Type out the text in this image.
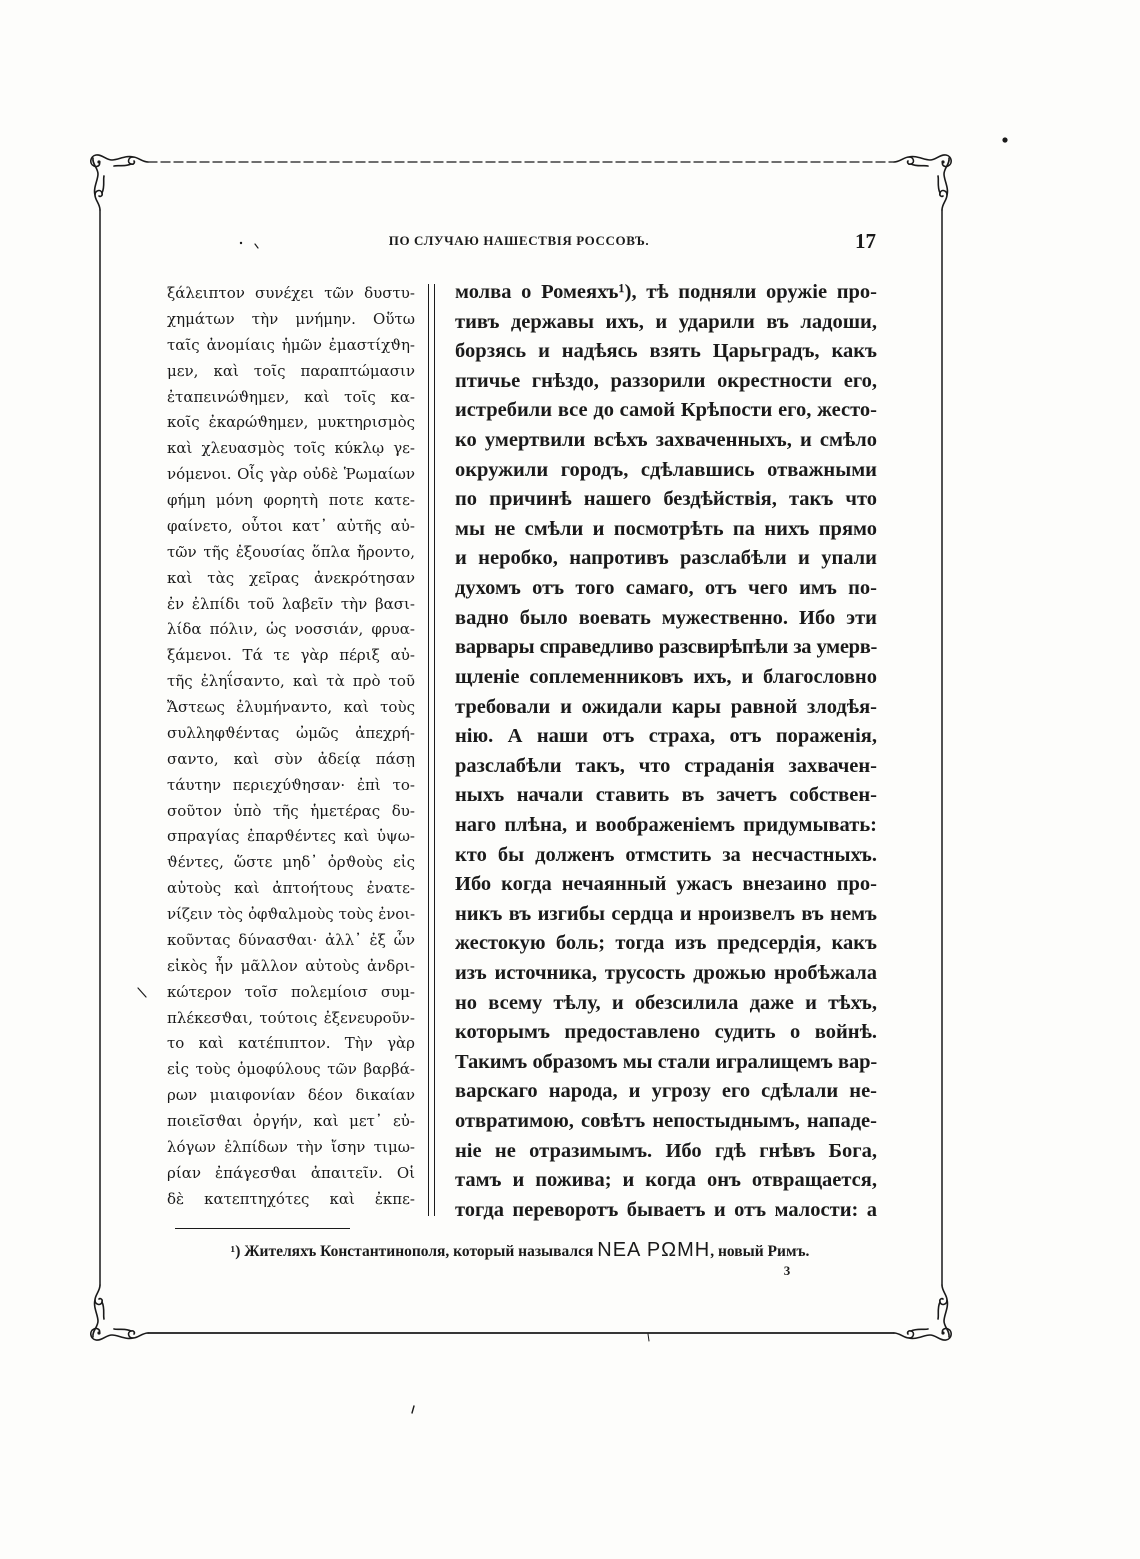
ПО СЛУЧАЮ НАШЕСТВІЯ РОССОВЪ.	17
ξάλειπτον συνέχει τῶν δυστυ-
χημάτων τὴν μνήμην. Οὕτω
ταῖς ἀνομίαις ἡμῶν ἐμαστίχϑη-
μεν, καὶ τοῖς παραπτώμασιν
ἐταπεινώϑημεν, καὶ τοῖς κα-
κοῖς ἐκαρώϑημεν, μυκτηρισμὸς
καὶ χλευασμὸς τοῖς κύκλῳ γε-
νόμενοι. Οἷς γὰρ οὐδὲ Ῥωμαίων
φήμη μόνη φορητὴ ποτε κατε-
φαίνετο, οὗτοι κατ᾽ αὐτῆς αὐ-
τῶν τῆς ἐξουσίας ὅπλα ἤροντο,
καὶ τὰς χεῖρας ἀνεκρότησαν
ἐν ἐλπίδι τοῦ λαβεῖν τὴν βασι-
λίδα πόλιν, ὡς νοσσιάν, φρυα-
ξάμενοι. Τά τε γὰρ πέριξ αὐ-
τῆς ἐληΐσαντο, καὶ τὰ πρὸ τοῦ
Ἄστεως ἐλυμήναντο, καὶ τοὺς
συλληφϑέντας ὠμῶς ἀπεχρή-
σαντο, καὶ σὺν ἀδείᾳ πάσῃ
τάυτην περιεχύϑησαν· ἐπὶ το-
σοῦτον ὑπὸ τῆς ἡμετέρας δυ-
σπραγίας ἐπαρϑέντες καὶ ὑψω-
ϑέντες, ὥστε μηδ᾽ ὀρϑοὺς εἰς
αὐτοὺς καὶ ἀπτοήτους ἐνατε-
νίζειν τὸς ὀφϑαλμοὺς τοὺς ἐνοι-
κοῦντας δύνασϑαι· ἀλλ᾽ ἐξ ὧν
εἰκὸς ἦν μᾶλλον αὐτοὺς ἀνδρι-
κώτερον τοῖσ πολεμίοισ συμ-
πλέκεσϑαι, τούτοις ἐξενευροῦν-
το καὶ κατέπιπτον. Τὴν γὰρ
εἰς τοὺς ὁμοφύλους τῶν βαρβά-
ρων μιαιφονίαν δέον δικαίαν
ποιεῖσϑαι ὀργήν, καὶ μετ᾽ εὐ-
λόγων ἐλπίδων τὴν ἴσην τιμω-
ρίαν ἐπάγεσϑαι ἀπαιτεῖν. Οἱ
δὲ κατεπτηχότες καὶ ἐκπε-
молва о Ромеяхъ¹), тѣ подняли оружіе про-
тивъ державы ихъ, и ударили въ ладоши,
борзясь и надѣясь взять Царьградъ, какъ
птичье гнѣздо, раззорили окрестности его,
истребили все до самой Крѣпости его, жесто-
ко умертвили всѣхъ захваченныхъ, и смѣло
окружили городъ, сдѣлавшись отважными
по причинѣ нашего бездѣйствія, такъ что
мы не смѣли и посмотрѣть па нихъ прямо
и неробко, напротивъ разслабѣли и упали
духомъ отъ того самаго, отъ чего имъ по-
вадно было воевать мужественно. Ибо эти
варвары справедливо разсвирѣпѣли за умерв-
щленіе соплеменниковъ ихъ, и благословно
требовали и ожидали кары равной злодѣя-
нію. А наши отъ страха, отъ пораженія,
разслабѣли такъ, что страданія захвачен-
ныхъ начали ставить въ зачетъ собствен-
наго плѣна, и воображеніемъ придумывать:
кто бы долженъ отмстить за несчастныхъ.
Ибо когда нечаянный ужасъ внезаино про-
никъ въ изгибы сердца и нроизвелъ въ немъ
жестокую боль; тогда изъ предсердія, какъ
изъ источника, трусость дрожью нробѣжала
но всему тѣлу, и обезсилила даже и тѣхъ,
которымъ предоставлено судить о войнѣ.
Такимъ образомъ мы стали игралищемъ вар-
варскаго народа, и угрозу его сдѣлали не-
отвратимою, совѣтъ непостыднымъ, нападе-
ніе не отразимымъ. Ибо гдѣ гнѣвъ Бога,
тамъ и пожива; и когда онъ отвращается,
тогда переворотъ бываетъ и отъ малости: а
¹) Жителяхъ Константинополя, который назывался ΝΕΑ ΡΩΜΗ, новый Римъ.
3
